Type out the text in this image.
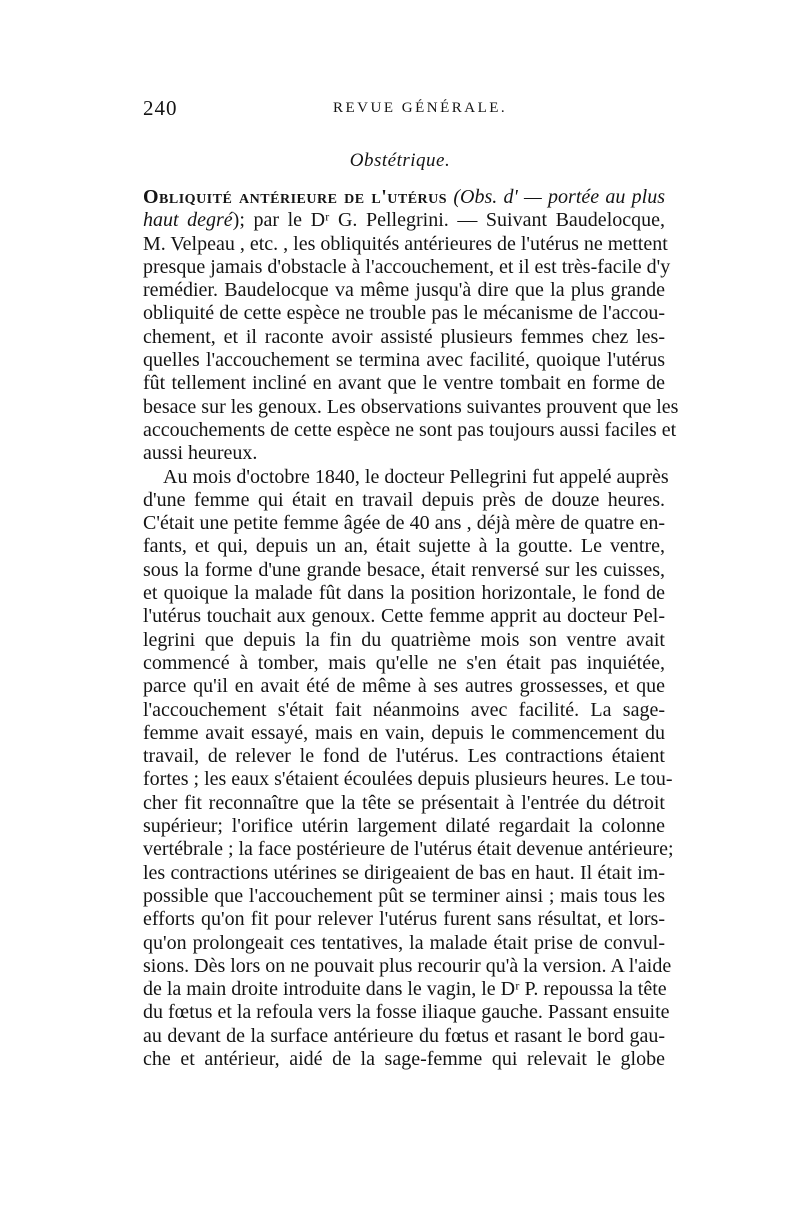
240	REVUE GÉNÉRALE.
Obstétrique.
Obliquité antérieure de l'utérus (Obs. d' — portée au plus
haut degré); par le Dʳ G. Pellegrini. — Suivant Baudelocque,
M. Velpeau , etc. , les obliquités antérieures de l'utérus ne mettent
presque jamais d'obstacle à l'accouchement, et il est très-facile d'y
remédier. Baudelocque va même jusqu'à dire que la plus grande
obliquité de cette espèce ne trouble pas le mécanisme de l'accou-
chement, et il raconte avoir assisté plusieurs femmes chez les-
quelles l'accouchement se termina avec facilité, quoique l'utérus
fût tellement incliné en avant que le ventre tombait en forme de
besace sur les genoux. Les observations suivantes prouvent que les
accouchements de cette espèce ne sont pas toujours aussi faciles et
aussi heureux.
Au mois d'octobre 1840, le docteur Pellegrini fut appelé auprès
d'une femme qui était en travail depuis près de douze heures.
C'était une petite femme âgée de 40 ans , déjà mère de quatre en-
fants, et qui, depuis un an, était sujette à la goutte. Le ventre,
sous la forme d'une grande besace, était renversé sur les cuisses,
et quoique la malade fût dans la position horizontale, le fond de
l'utérus touchait aux genoux. Cette femme apprit au docteur Pel-
legrini que depuis la fin du quatrième mois son ventre avait
commencé à tomber, mais qu'elle ne s'en était pas inquiétée,
parce qu'il en avait été de même à ses autres grossesses, et que
l'accouchement s'était fait néanmoins avec facilité. La sage-
femme avait essayé, mais en vain, depuis le commencement du
travail, de relever le fond de l'utérus. Les contractions étaient
fortes ; les eaux s'étaient écoulées depuis plusieurs heures. Le tou-
cher fit reconnaître que la tête se présentait à l'entrée du détroit
supérieur; l'orifice utérin largement dilaté regardait la colonne
vertébrale ; la face postérieure de l'utérus était devenue antérieure;
les contractions utérines se dirigeaient de bas en haut. Il était im-
possible que l'accouchement pût se terminer ainsi ; mais tous les
efforts qu'on fit pour relever l'utérus furent sans résultat, et lors-
qu'on prolongeait ces tentatives, la malade était prise de convul-
sions. Dès lors on ne pouvait plus recourir qu'à la version. A l'aide
de la main droite introduite dans le vagin, le Dʳ P. repoussa la tête
du fœtus et la refoula vers la fosse iliaque gauche. Passant ensuite
au devant de la surface antérieure du fœtus et rasant le bord gau-
che et antérieur, aidé de la sage-femme qui relevait le globe
